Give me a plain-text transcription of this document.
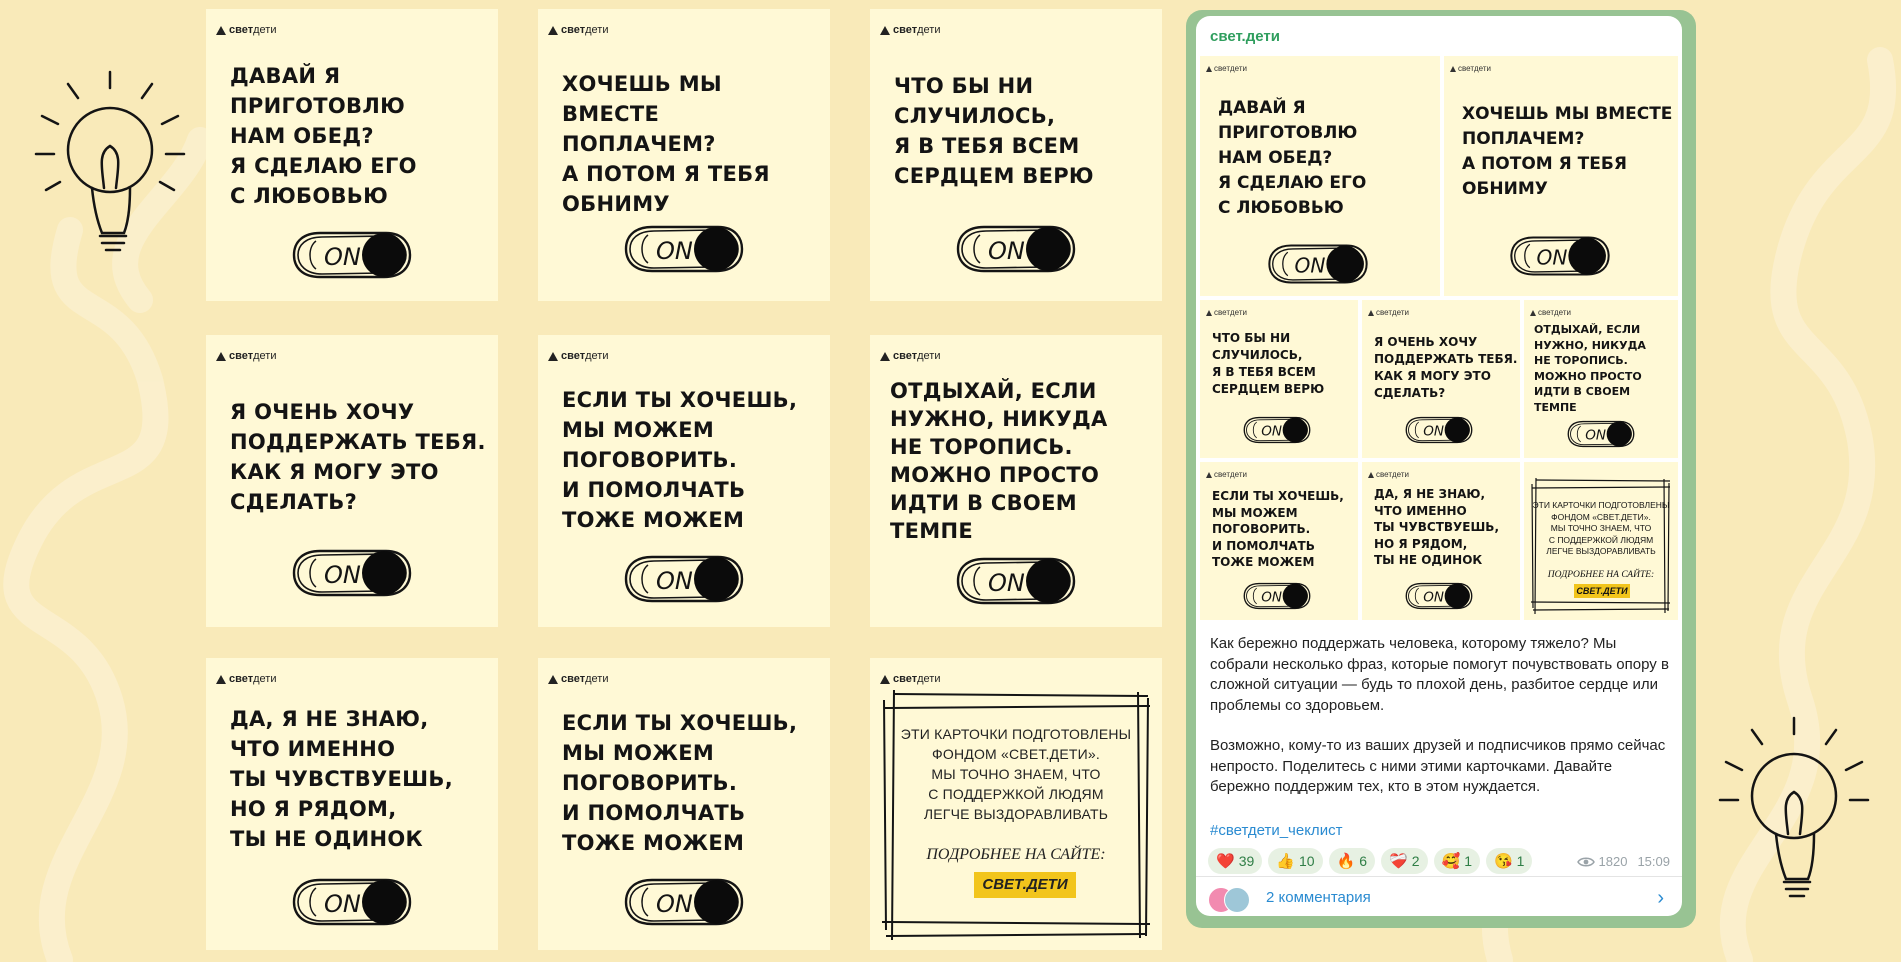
свет дети
ДАВАЙ Я
ПРИГОТОВЛЮ
НАМ ОБЕД?
Я СДЕЛАЮ ЕГО
С ЛЮБОВЬЮ
ON
свет дети
ХОЧЕШЬ МЫ ВМЕСТЕ
ПОПЛАЧЕМ?
А ПОТОМ Я ТЕБЯ
ОБНИМУ
ON
свет дети
ЧТО БЫ НИ
СЛУЧИЛОСЬ,
Я В ТЕБЯ ВСЕМ
СЕРДЦЕМ ВЕРЮ
ON
свет дети
Я ОЧЕНЬ ХОЧУ
ПОДДЕРЖАТЬ ТЕБЯ.
КАК Я МОГУ ЭТО
СДЕЛАТЬ?
ON
свет дети
ЕСЛИ ТЫ ХОЧЕШЬ,
МЫ МОЖЕМ
ПОГОВОРИТЬ.
И ПОМОЛЧАТЬ
ТОЖЕ МОЖЕМ
ON
свет дети
ОТДЫХАЙ, ЕСЛИ
НУЖНО, НИКУДА
НЕ ТОРОПИСЬ.
МОЖНО ПРОСТО
ИДТИ В СВОЕМ
ТЕМПЕ
ON
свет дети
ДА, Я НЕ ЗНАЮ,
ЧТО ИМЕННО
ТЫ ЧУВСТВУЕШЬ,
НО Я РЯДОМ,
ТЫ НЕ ОДИНОК
ON
свет дети
ЕСЛИ ТЫ ХОЧЕШЬ,
МЫ МОЖЕМ
ПОГОВОРИТЬ.
И ПОМОЛЧАТЬ
ТОЖЕ МОЖЕМ
ON
свет дети
ЭТИ КАРТОЧКИ ПОДГОТОВЛЕНЫ
ФОНДОМ «СВЕТ.ДЕТИ».
МЫ ТОЧНО ЗНАЕМ, ЧТО
С ПОДДЕРЖКОЙ ЛЮДЯМ
ЛЕГЧЕ ВЫЗДОРАВЛИВАТЬ
ПОДРОБНЕЕ НА САЙТЕ:
СВЕТ.ДЕТИ
свет.дети
свет дети
ДАВАЙ Я
ПРИГОТОВЛЮ
НАМ ОБЕД?
Я СДЕЛАЮ ЕГО
С ЛЮБОВЬЮ
ON
свет дети
ХОЧЕШЬ МЫ ВМЕСТЕ
ПОПЛАЧЕМ?
А ПОТОМ Я ТЕБЯ
ОБНИМУ
ON
свет дети
ЧТО БЫ НИ
СЛУЧИЛОСЬ,
Я В ТЕБЯ ВСЕМ
СЕРДЦЕМ ВЕРЮ
ON
свет дети
Я ОЧЕНЬ ХОЧУ
ПОДДЕРЖАТЬ ТЕБЯ.
КАК Я МОГУ ЭТО
СДЕЛАТЬ?
ON
свет дети
ОТДЫХАЙ, ЕСЛИ
НУЖНО, НИКУДА
НЕ ТОРОПИСЬ.
МОЖНО ПРОСТО
ИДТИ В СВОЕМ
ТЕМПЕ
ON
свет дети
ЕСЛИ ТЫ ХОЧЕШЬ,
МЫ МОЖЕМ
ПОГОВОРИТЬ.
И ПОМОЛЧАТЬ
ТОЖЕ МОЖЕМ
ON
свет дети
ДА, Я НЕ ЗНАЮ,
ЧТО ИМЕННО
ТЫ ЧУВСТВУЕШЬ,
НО Я РЯДОМ,
ТЫ НЕ ОДИНОК
ON
ЭТИ КАРТОЧКИ ПОДГОТОВЛЕНЫ
ФОНДОМ «СВЕТ.ДЕТИ».
МЫ ТОЧНО ЗНАЕМ, ЧТО
С ПОДДЕРЖКОЙ ЛЮДЯМ
ЛЕГЧЕ ВЫЗДОРАВЛИВАТЬ
ПОДРОБНЕЕ НА САЙТЕ:
СВЕТ.ДЕТИ

Как бережно поддержать человека, которому тяжело? Мы собрали несколько фраз, которые помогут почувствовать опору в сложной ситуации — будь то плохой день, разбитое сердце или проблемы со здоровьем.

Возможно, кому-то из ваших друзей и подписчиков прямо сейчас непросто. Поделитесь с ними этими карточками. Давайте бережно поддержим тех, кто в этом нуждается.

#светдети_чеклист
❤️ 39 👍 10 🔥 6 ❤️‍🩹 2 🥰 1 😘 1	1820 15:09
2 комментария	›
